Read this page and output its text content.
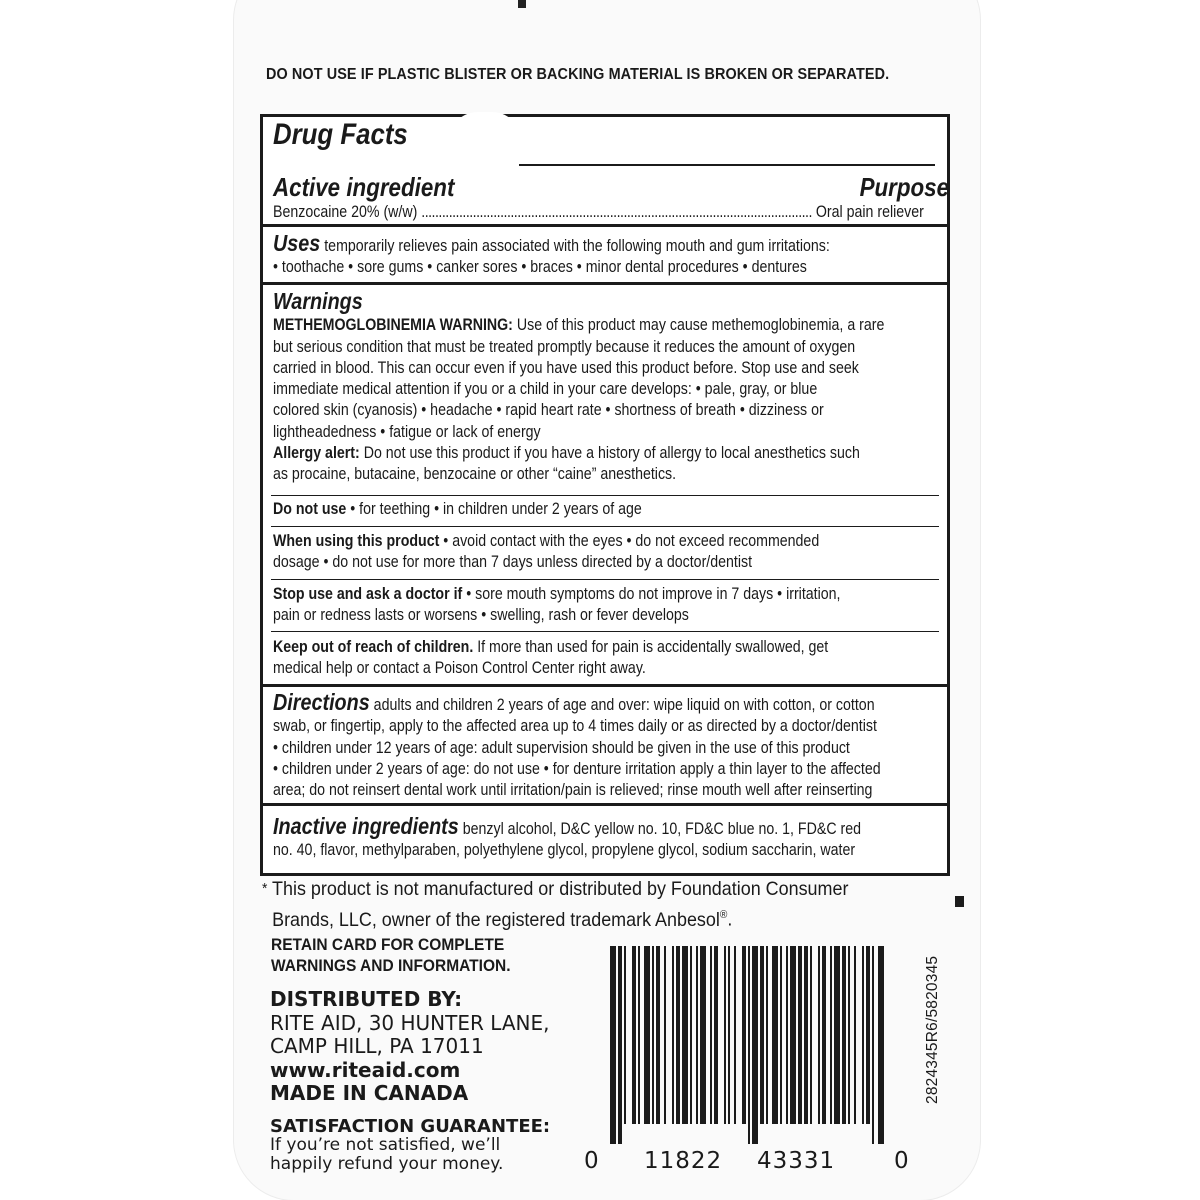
DO NOT USE IF PLASTIC BLISTER OR BACKING MATERIAL IS BROKEN OR SEPARATED.
Drug Facts
Active ingredient	Purpose
Benzocaine 20% (w/w) .................................................................................................................. Oral pain reliever
Uses temporarily relieves pain associated with the following mouth and gum irritations:
• toothache • sore gums • canker sores • braces • minor dental procedures • dentures
Warnings
METHEMOGLOBINEMIA WARNING: Use of this product may cause methemoglobinemia, a rare
but serious condition that must be treated promptly because it reduces the amount of oxygen
carried in blood. This can occur even if you have used this product before. Stop use and seek
immediate medical attention if you or a child in your care develops: • pale, gray, or blue
colored skin (cyanosis) • headache • rapid heart rate • shortness of breath • dizziness or
lightheadedness • fatigue or lack of energy
Allergy alert: Do not use this product if you have a history of allergy to local anesthetics such
as procaine, butacaine, benzocaine or other “caine” anesthetics.
Do not use • for teething • in children under 2 years of age
When using this product • avoid contact with the eyes • do not exceed recommended
dosage • do not use for more than 7 days unless directed by a doctor/dentist
Stop use and ask a doctor if • sore mouth symptoms do not improve in 7 days • irritation,
pain or redness lasts or worsens • swelling, rash or fever develops
Keep out of reach of children. If more than used for pain is accidentally swallowed, get
medical help or contact a Poison Control Center right away.
Directions adults and children 2 years of age and over: wipe liquid on with cotton, or cotton
swab, or fingertip, apply to the affected area up to 4 times daily or as directed by a doctor/dentist
• children under 12 years of age: adult supervision should be given in the use of this product
• children under 2 years of age: do not use • for denture irritation apply a thin layer to the affected
area; do not reinsert dental work until irritation/pain is relieved; rinse mouth well after reinserting
Inactive ingredients benzyl alcohol, D&C yellow no. 10, FD&C blue no. 1, FD&C red
no. 40, flavor, methylparaben, polyethylene glycol, propylene glycol, sodium saccharin, water
* This product is not manufactured or distributed by Foundation Consumer
Brands, LLC, owner of the registered trademark Anbesol®.
RETAIN CARD FOR COMPLETE
WARNINGS AND INFORMATION.
DISTRIBUTED BY:
RITE AID, 30 HUNTER LANE,
CAMP HILL, PA 17011
www.riteaid.com
MADE IN CANADA
SATISFACTION GUARANTEE:
If you’re not satisfied, we’ll
happily refund your money.	0 11822 43331	0
2824345R6/5820345
